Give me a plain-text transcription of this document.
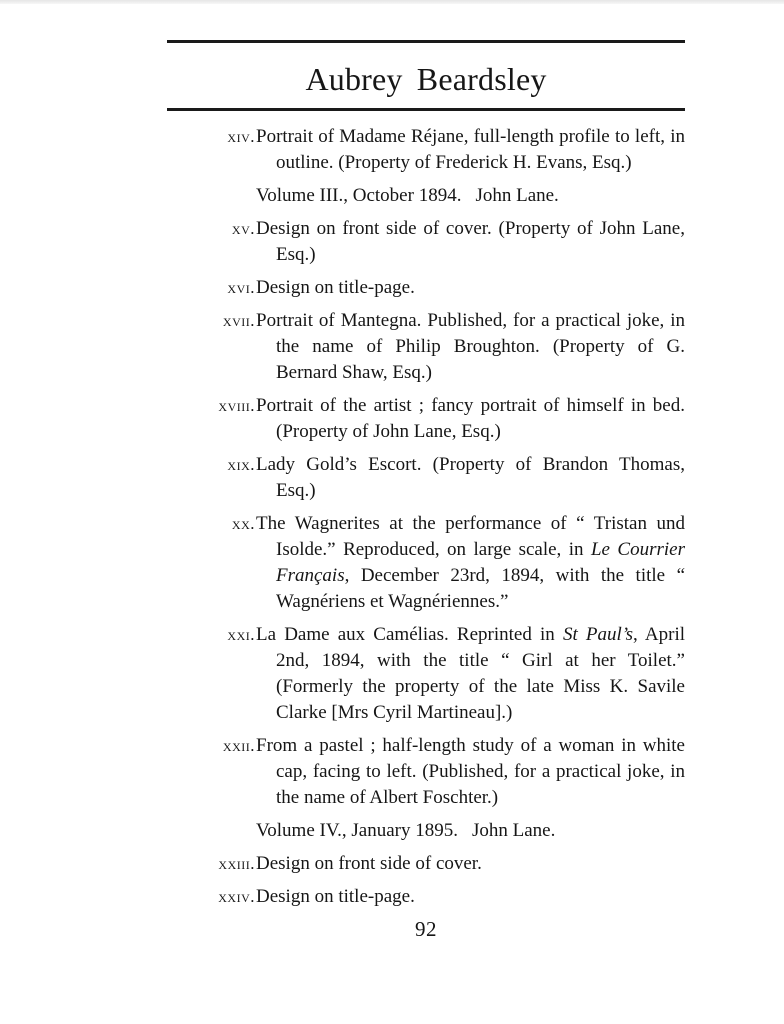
Aubrey Beardsley
xiv. Portrait of Madame Réjane, full-length profile to left, in outline. (Property of Frederick H. Evans, Esq.)
Volume III., October 1894. John Lane.
xv. Design on front side of cover. (Property of John Lane, Esq.)
xvi. Design on title-page.
xvii. Portrait of Mantegna. Published, for a practical joke, in the name of Philip Broughton. (Property of G. Bernard Shaw, Esq.)
xviii. Portrait of the artist ; fancy portrait of himself in bed. (Property of John Lane, Esq.)
xix. Lady Gold’s Escort. (Property of Brandon Thomas, Esq.)
xx. The Wagnerites at the performance of “ Tristan und Isolde.” Reproduced, on large scale, in Le Courrier Français, December 23rd, 1894, with the title “ Wagnériens et Wagnériennes.”
xxi. La Dame aux Camélias. Reprinted in St Paul’s, April 2nd, 1894, with the title “ Girl at her Toilet.” (Formerly the property of the late Miss K. Savile Clarke [Mrs Cyril Martineau].)
xxii. From a pastel ; half-length study of a woman in white cap, facing to left. (Published, for a practical joke, in the name of Albert Foschter.)
Volume IV., January 1895. John Lane.
xxiii. Design on front side of cover.
xxiv. Design on title-page.
92
